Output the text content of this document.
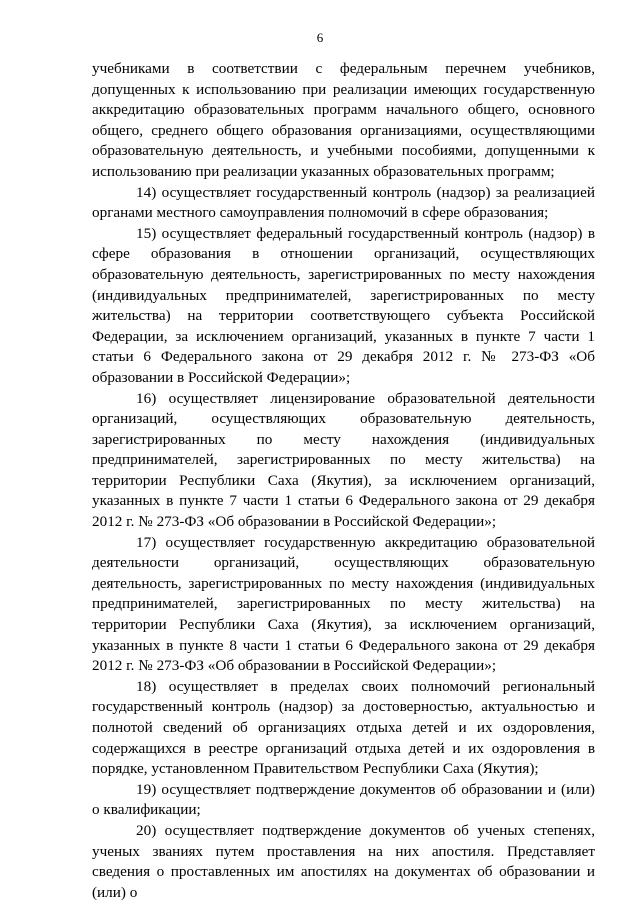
6

учебниками в соответствии с федеральным перечнем учебников, допущенных к использованию при реализации имеющих государственную аккредитацию образовательных программ начального общего, основного общего, среднего общего образования организациями, осуществляющими образовательную деятельность, и учебными пособиями, допущенными к использованию при реализации указанных образовательных программ;

14) осуществляет государственный контроль (надзор) за реализацией органами местного самоуправления полномочий в сфере образования;

15) осуществляет федеральный государственный контроль (надзор) в сфере образования в отношении организаций, осуществляющих образовательную деятельность, зарегистрированных по месту нахождения (индивидуальных предпринимателей, зарегистрированных по месту жительства) на территории соответствующего субъекта Российской Федерации, за исключением организаций, указанных в пункте 7 части 1 статьи 6 Федерального закона от 29 декабря 2012 г. № 273-ФЗ «Об образовании в Российской Федерации»;

16) осуществляет лицензирование образовательной деятельности организаций, осуществляющих образовательную деятельность, зарегистрированных по месту нахождения (индивидуальных предпринимателей, зарегистрированных по месту жительства) на территории Республики Саха (Якутия), за исключением организаций, указанных в пункте 7 части 1 статьи 6 Федерального закона от 29 декабря 2012 г. № 273-ФЗ «Об образовании в Российской Федерации»;

17) осуществляет государственную аккредитацию образовательной деятельности организаций, осуществляющих образовательную деятельность, зарегистрированных по месту нахождения (индивидуальных предпринимателей, зарегистрированных по месту жительства) на территории Республики Саха (Якутия), за исключением организаций, указанных в пункте 8 части 1 статьи 6 Федерального закона от 29 декабря 2012 г. № 273-ФЗ «Об образовании в Российской Федерации»;

18) осуществляет в пределах своих полномочий региональный государственный контроль (надзор) за достоверностью, актуальностью и полнотой сведений об организациях отдыха детей и их оздоровления, содержащихся в реестре организаций отдыха детей и их оздоровления в порядке, установленном Правительством Республики Саха (Якутия);

19) осуществляет подтверждение документов об образовании и (или) о квалификации;

20) осуществляет подтверждение документов об ученых степенях, ученых званиях путем проставления на них апостиля. Представляет сведения о проставленных им апостилях на документах об образовании и (или) о
